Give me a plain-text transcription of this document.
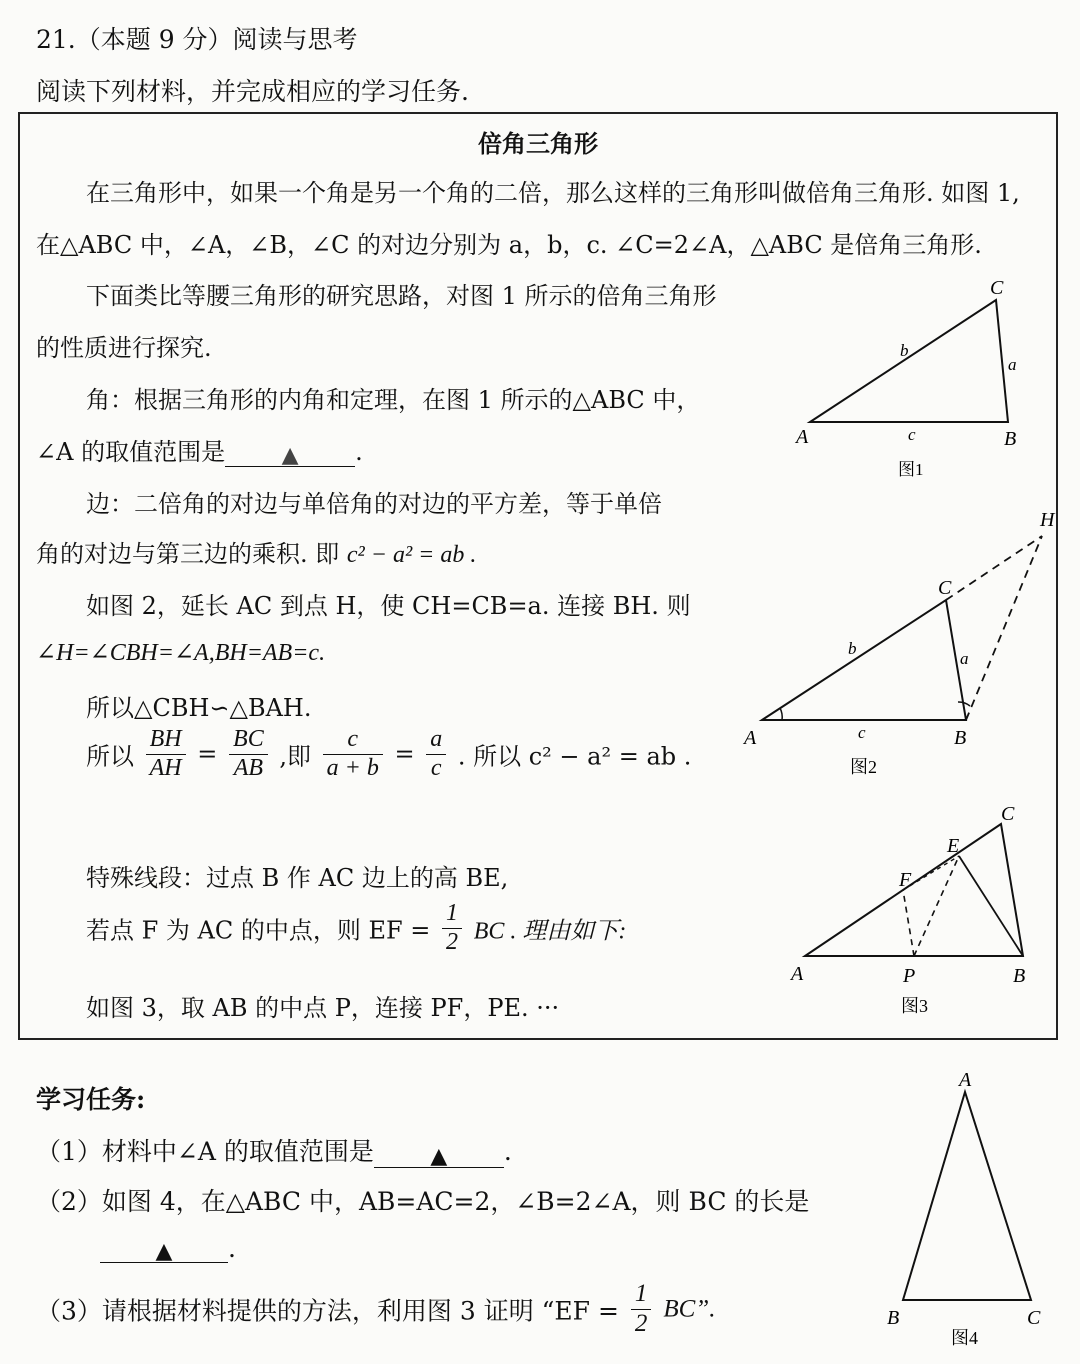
21.（本题 9 分）阅读与思考
阅读下列材料，并完成相应的学习任务.
倍角三角形
在三角形中，如果一个角是另一个角的二倍，那么这样的三角形叫做倍角三角形. 如图 1,
在△ABC 中，∠A，∠B，∠C 的对边分别为 a，b，c. ∠C=2∠A，△ABC 是倍角三角形.
下面类比等腰三角形的研究思路，对图 1 所示的倍角三角形
的性质进行探究.
角：根据三角形的内角和定理，在图 1 所示的△ABC 中，
∠A 的取值范围是	▲ .
边：二倍角的对边与单倍角的对边的平方差，等于单倍
角的对边与第三边的乘积. 即 c² − a² = ab .
如图 2，延长 AC 到点 H，使 CH=CB=a. 连接 BH. 则
∠H=∠CBH=∠A,BH=AB=c.
所以△CBH∽△BAH.
所以 $\frac{BH}{AH} = \frac{BC}{AB}$ ,即 $\frac{c}{a + b} = \frac{a}{c}$ . 所以 c² − a² = ab .
特殊线段：过点 B 作 AC 边上的高 BE,
若点 F 为 AC 的中点，则 EF = $\frac{1}{2}$ BC . 理由如下:
如图 3，取 AB 的中点 P，连接 PF，PE. ···
学习任务:
（1）材料中∠A 的取值范围是	▲ .
（2）如图 4，在△ABC 中，AB=AC=2，∠B=2∠A，则 BC 的长是
▲ .
（3）请根据材料提供的方法，利用图 3 证明 “EF = $\frac{1}{2}$ BC”.
A	B
C
a
b
c
图1
A	B
C
H
a
b
c
图2
A	B
C
E
F
P
图3
A
B	C
图4
